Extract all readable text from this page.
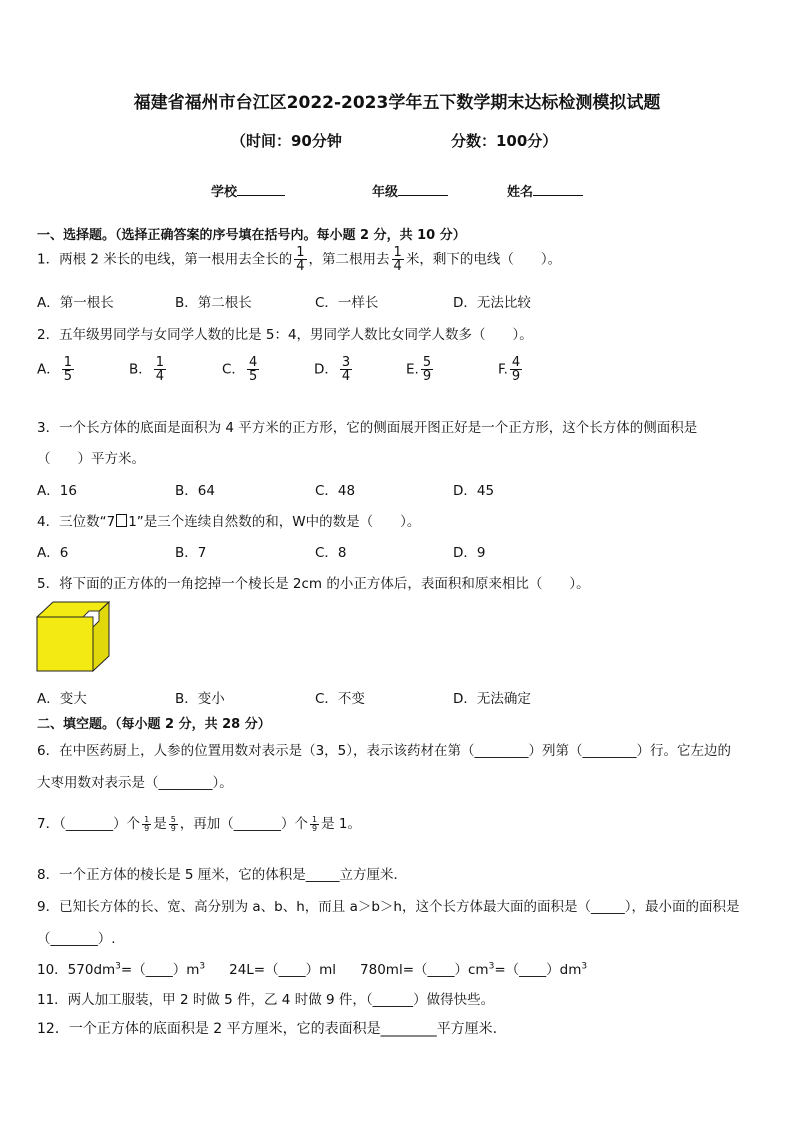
福建省福州市台江区2022-2023学年五下数学期末达标检测模拟试题
（时间：90分钟	分数：100分）
学校	年级	姓名
一、选择题。（选择正确答案的序号填在括号内。每小题 2 分，共 10 分）
1．两根 2 米长的电线，第一根用去全长的 $\frac{1}{4}$ ，第二根用去 $\frac{1}{4}$ 米，剩下的电线（　　）。
A．第一根长	B．第二根长	C．一样长	D．无法比较
2．五年级男同学与女同学人数的比是 5：4，男同学人数比女同学人数多（　　）。
A． $\frac{1}{5}$	B． $\frac{1}{4}$	C． $\frac{4}{5}$	D． $\frac{3}{4}$	E. $\frac{5}{9}$	F. $\frac{4}{9}$
3．一个长方体的底面是面积为 4 平方米的正方形，它的侧面展开图正好是一个正方形，这个长方体的侧面积是
（　　）平方米。
A．16	B．64	C．48	D．45
4．三位数“7 1”是三个连续自然数的和，W中的数是（　　）。
A．6	B．7	C．8	D．9
5．将下面的正方体的一角挖掉一个棱长是 2cm 的小正方体后，表面积和原来相比（　　）。
A．变大	B．变小	C．不变	D．无法确定
二、填空题。（每小题 2 分，共 28 分）
6．在中医药厨上，人参的位置用数对表示是（3，5），表示该药材在第（________）列第（________）行。它左边的
大枣用数对表示是（________）。
7．（_______）个 $\frac{1}{9}$ 是 $\frac{5}{9}$ ，再加（_______）个 $\frac{1}{9}$ 是 1。
8．一个正方体的棱长是 5 厘米，它的体积是_____立方厘米．
9．已知长方体的长、宽、高分别为 a、b、h，而且 a＞b＞h，这个长方体最大面的面积是（_____），最小面的面积是
（_______）.
10．$570dm^3=(\_\_\_\_)m^3$ 24L=（____）ml $780ml=(\_\_\_\_)cm^3=(\_\_\_\_)dm^3$
11．两人加工服装，甲 2 时做 5 件，乙 4 时做 9 件，（______）做得快些。
12．一个正方体的底面积是 2 平方厘米，它的表面积是________平方厘米.
